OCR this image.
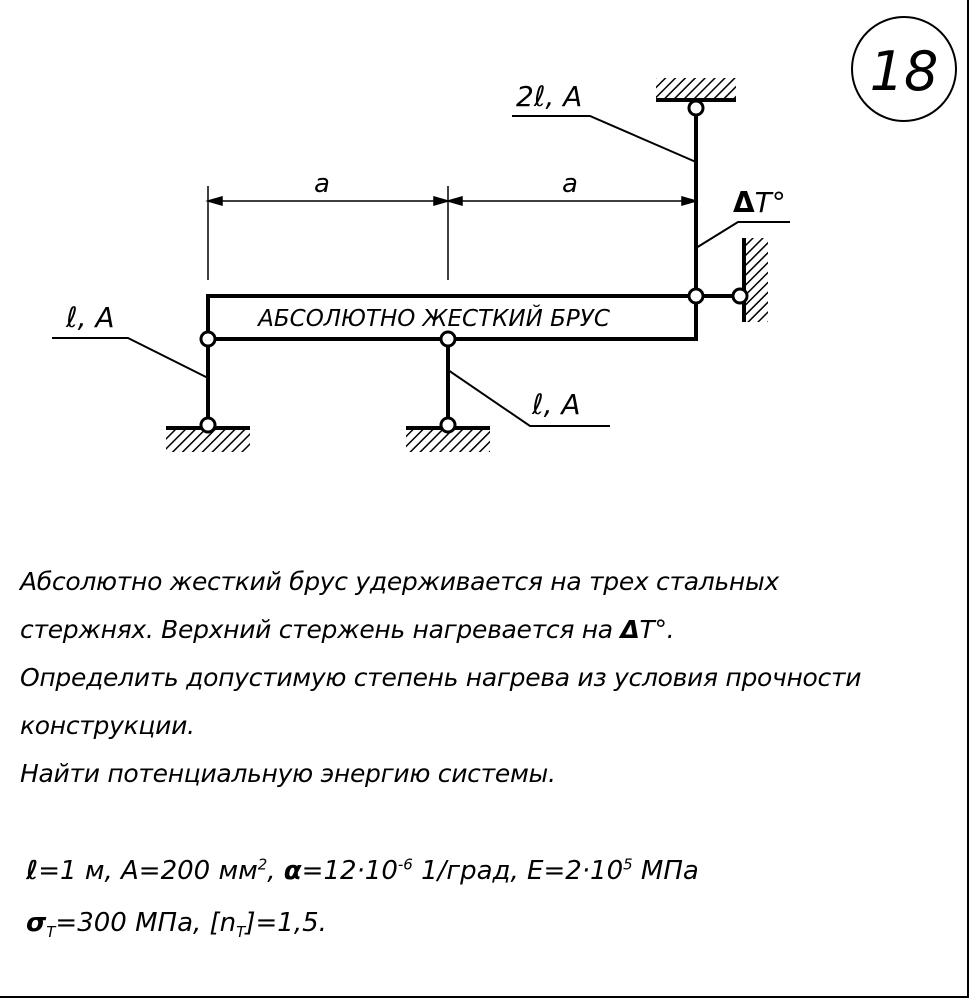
18
a	a
АБСОЛЮТНО ЖЕСТКИЙ БРУС
2ℓ, A
ΔT°
ℓ, A
ℓ, A
Абсолютно жесткий брус удерживается на трех стальных
стержнях. Верхний стержень нагревается на ΔT°.
Определить допустимую степень нагрева из условия прочности
конструкции.
Найти потенциальную энергию системы.
ℓ=1 м, A=200 $мм^2$, $\alpha=12\cdot 10^{-6}$ 1/град, $E=2\cdot 10^5$ МПа
$\sigma_T=300$ МПа, $[n_T]=1,5$.
